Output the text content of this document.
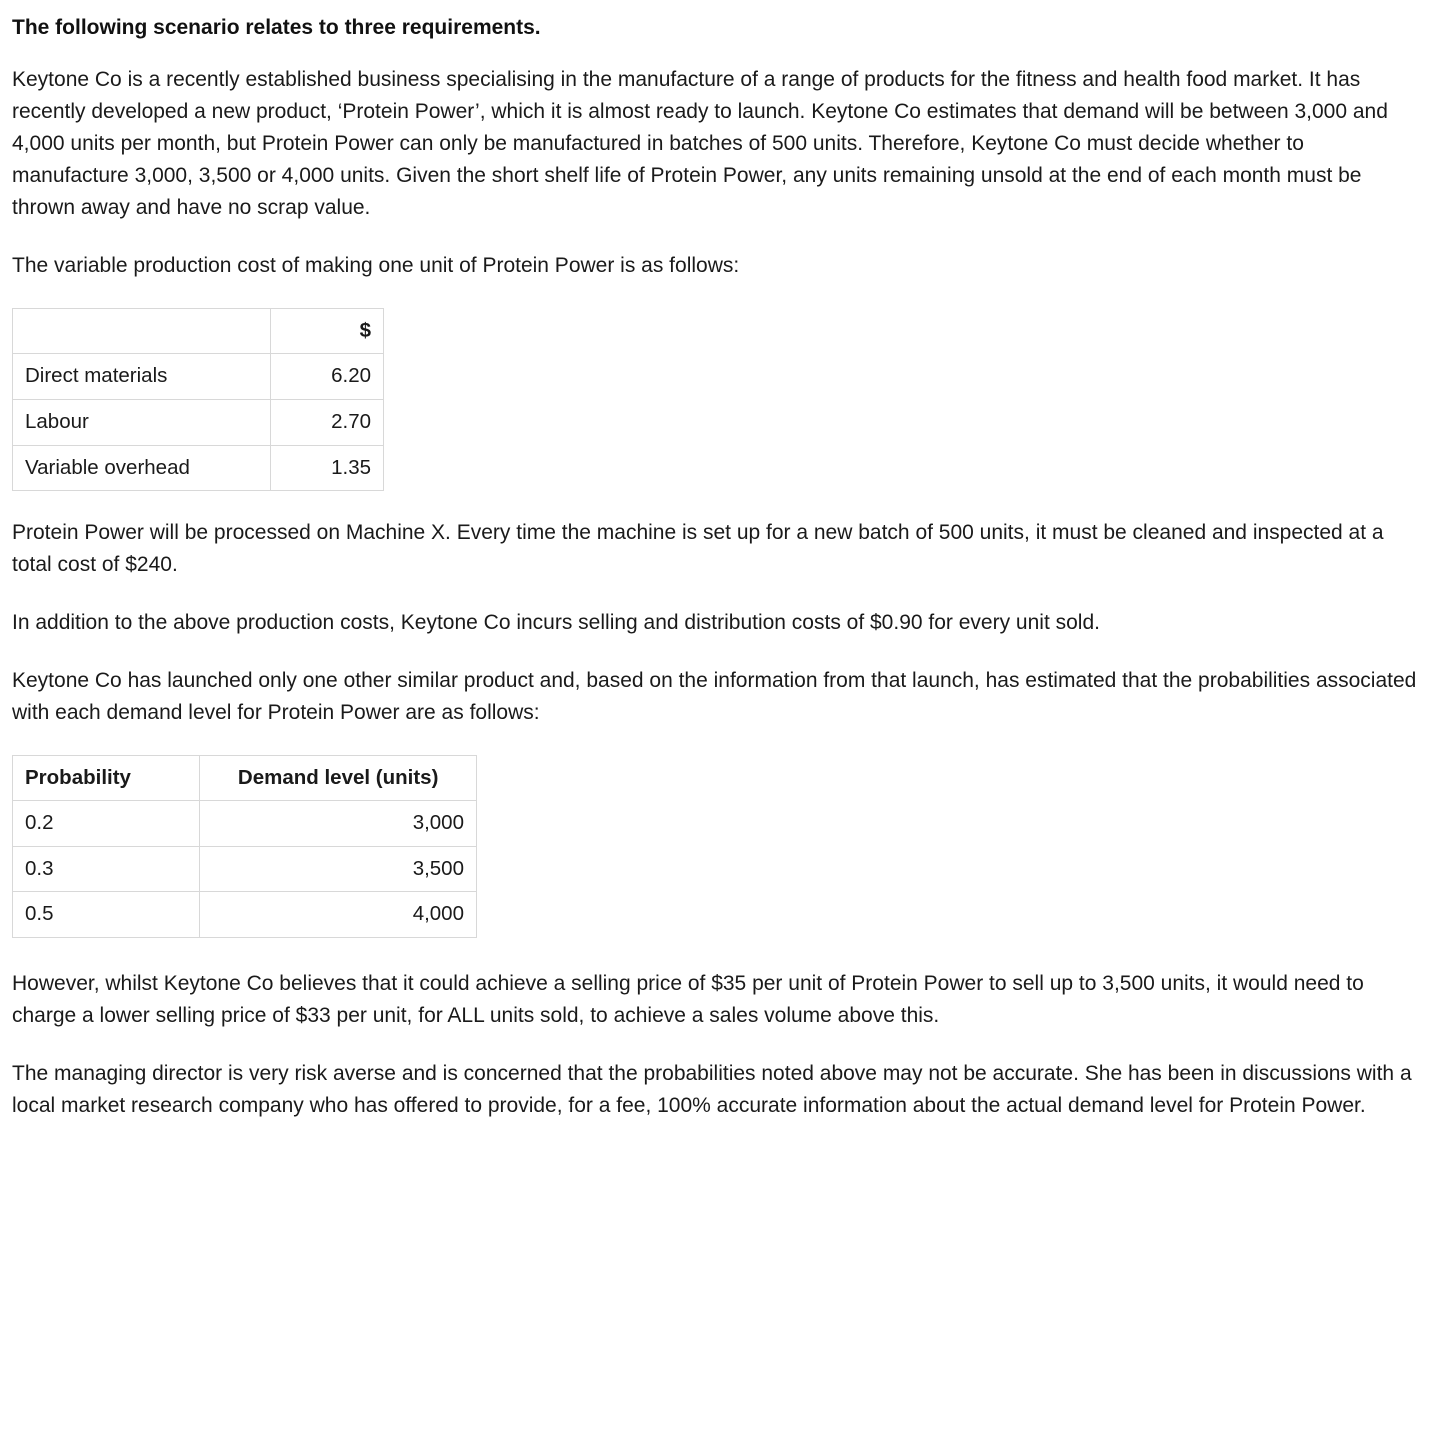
The following scenario relates to three requirements.

Keytone Co is a recently established business specialising in the manufacture of a range of products for the fitness and health food market. It has recently developed a new product, ‘Protein Power’, which it is almost ready to launch. Keytone Co estimates that demand will be between 3,000 and 4,000 units per month, but Protein Power can only be manufactured in batches of 500 units. Therefore, Keytone Co must decide whether to manufacture 3,000, 3,500 or 4,000 units. Given the short shelf life of Protein Power, any units remaining unsold at the end of each month must be thrown away and have no scrap value.

The variable production cost of making one unit of Protein Power is as follows:

	$
Direct materials	6.20
Labour	2.70
Variable overhead	1.35

Protein Power will be processed on Machine X. Every time the machine is set up for a new batch of 500 units, it must be cleaned and inspected at a total cost of $240.

In addition to the above production costs, Keytone Co incurs selling and distribution costs of $0.90 for every unit sold.

Keytone Co has launched only one other similar product and, based on the information from that launch, has estimated that the probabilities associated with each demand level for Protein Power are as follows:

Probability	Demand level (units)
0.2	3,000
0.3	3,500
0.5	4,000

However, whilst Keytone Co believes that it could achieve a selling price of $35 per unit of Protein Power to sell up to 3,500 units, it would need to charge a lower selling price of $33 per unit, for ALL units sold, to achieve a sales volume above this.

The managing director is very risk averse and is concerned that the probabilities noted above may not be accurate. She has been in discussions with a local market research company who has offered to provide, for a fee, 100% accurate information about the actual demand level for Protein Power.
